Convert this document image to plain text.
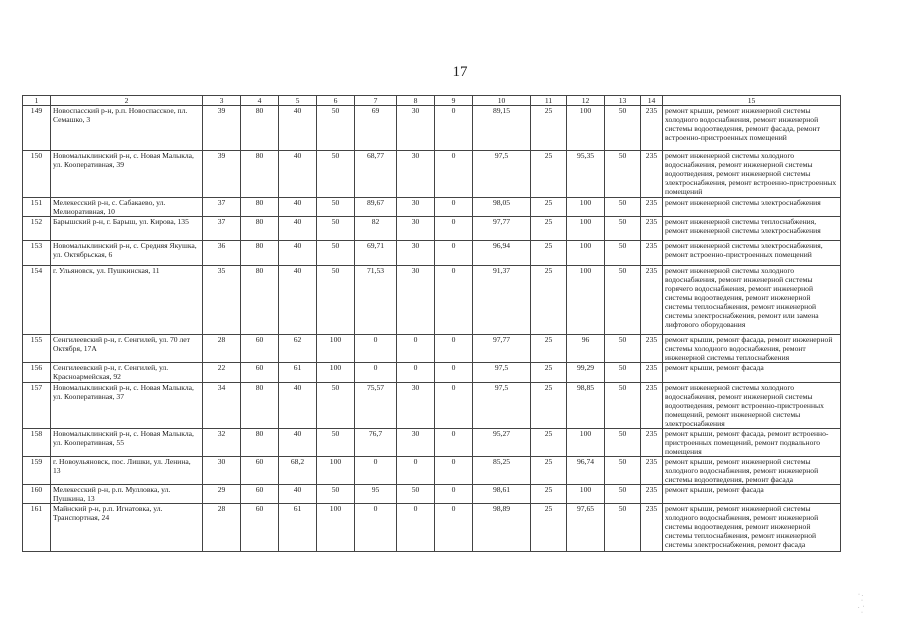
17
1	2	3	4	5	6	7	8	9	10	11	12	13	14	15
149	Новоспасский р-н, р.п. Новоспасское, пл. Семашко, 3	39	80	40	50	69	30	0	89,15	25	100	50	235	ремонт крыши, ремонт инженерной системы холодного водоснабжения, ремонт инженерной системы водоотведения, ремонт фасада, ремонт встроенно-пристроенных помещений
150	Новомалыклинский р-н, с. Новая Малыкла, ул. Кооперативная, 39	39	80	40	50	68,77	30	0	97,5	25	95,35	50	235	ремонт инженерной системы холодного водоснабжения, ремонт инженерной системы водоотведения, ремонт инженерной системы электроснабжения, ремонт встроенно-пристроенных помещений
151	Мелекесский р-н, с. Сабакаево, ул. Мелиоративная, 10	37	80	40	50	89,67	30	0	98,05	25	100	50	235	ремонт инженерной системы электроснабжения
152	Барышский р-н, г. Барыш, ул. Кирова, 135	37	80	40	50	82	30	0	97,77	25	100	50	235	ремонт инженерной системы теплоснабжения, ремонт инженерной системы электроснабжения
153	Новомалыклинский р-н, с. Средняя Якушка, ул. Октябрьская, 6	36	80	40	50	69,71	30	0	96,94	25	100	50	235	ремонт инженерной системы электроснабжения, ремонт встроенно-пристроенных помещений
154	г. Ульяновск, ул. Пушкинская, 11	35	80	40	50	71,53	30	0	91,37	25	100	50	235	ремонт инженерной системы холодного водоснабжения, ремонт инженерной системы горячего водоснабжения, ремонт инженерной системы водоотведения, ремонт инженерной системы теплоснабжения, ремонт инженерной системы электроснабжения, ремонт или замена лифтового оборудования
155	Сенгилеевский р-н, г. Сенгилей, ул. 70 лет Октября, 17А	28	60	62	100	0	0	0	97,77	25	96	50	235	ремонт крыши, ремонт фасада, ремонт инженерной системы холодного водоснабжения, ремонт инженерной системы теплоснабжения
156	Сенгилеевский р-н, г. Сенгилей, ул. Красноармейская, 92	22	60	61	100	0	0	0	97,5	25	99,29	50	235	ремонт крыши, ремонт фасада
157	Новомалыклинский р-н, с. Новая Малыкла, ул. Кооперативная, 37	34	80	40	50	75,57	30	0	97,5	25	98,85	50	235	ремонт инженерной системы холодного водоснабжения, ремонт инженерной системы водоотведения, ремонт встроенно-пристроенных помещений, ремонт инженерной системы электроснабжения
158	Новомалыклинский р-н, с. Новая Малыкла, ул. Кооперативная, 55	32	80	40	50	76,7	30	0	95,27	25	100	50	235	ремонт крыши, ремонт фасада, ремонт встроенно-пристроенных помещений, ремонт подвального помещения
159	г. Новоульяновск, пос. Лишки, ул. Ленина, 13	30	60	68,2	100	0	0	0	85,25	25	96,74	50	235	ремонт крыши, ремонт инженерной системы холодного водоснабжения, ремонт инженерной системы водоотведения, ремонт фасада
160	Мелекесский р-н, р.п. Мулловка, ул. Пушкина, 13	29	60	40	50	95	50	0	98,61	25	100	50	235	ремонт крыши, ремонт фасада
161	Майнский р-н, р.п. Игнатовка, ул. Транспортная, 24	28	60	61	100	0	0	0	98,89	25	97,65	50	235	ремонт крыши, ремонт инженерной системы холодного водоснабжения, ремонт инженерной системы водоотведения, ремонт инженерной системы теплоснабжения, ремонт инженерной системы электроснабжения, ремонт фасада
· .
·
.  ·
·
